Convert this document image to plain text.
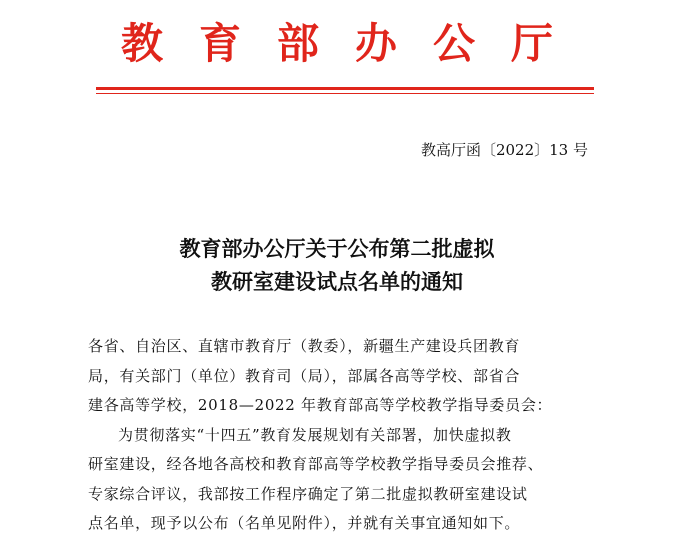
教育部办公厅
教高厅函〔2022〕13 号
教育部办公厅关于公布第二批虚拟
教研室建设试点名单的通知

各省、自治区、直辖市教育厅（教委），新疆生产建设兵团教育
局，有关部门（单位）教育司（局），部属各高等学校、部省合
建各高等学校，2018—2022 年教育部高等学校教学指导委员会：

为贯彻落实“十四五”教育发展规划有关部署，加快虚拟教
研室建设，经各地各高校和教育部高等学校教学指导委员会推荐、
专家综合评议，我部按工作程序确定了第二批虚拟教研室建设试
点名单，现予以公布（名单见附件），并就有关事宜通知如下。
